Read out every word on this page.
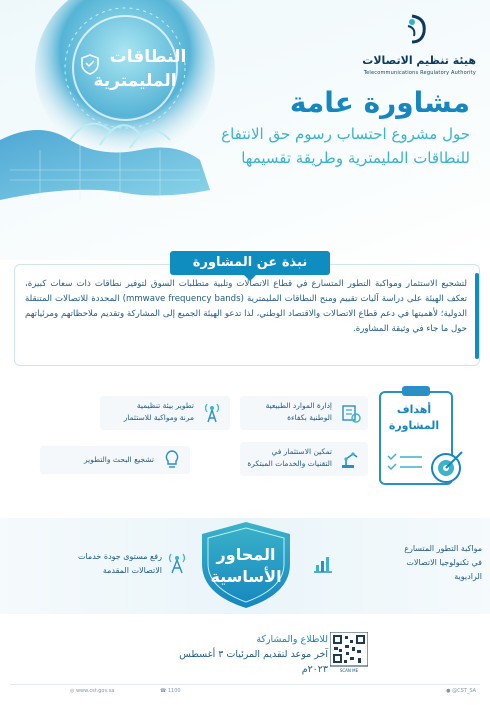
النطاقات
المليمترية
هيئة تنظيم الاتصالات
Telecommunications Regulatory Authority
مشاورة عامة
حول مشروع احتساب رسوم حق الانتفاع للنطاقات المليمترية وطريقة تقسيمها
لتشجيع الاستثمار ومواكبة التطور المتسارع في قطاع الاتصالات وتلبية متطلبات السوق لتوفير نطاقات ذات سعات كبيرة، تعكف الهيئة على دراسة آليات تقييم ومنح النطاقات المليمترية (mmwave frequency bands) المحددة للاتصالات المتنقلة الدولية؛ لأهميتها في دعم قطاع الاتصالات والاقتصاد الوطني، لذا تدعو الهيئة الجميع إلى المشاركة وتقديم ملاحظاتهم ومرئياتهم حول ما جاء في وثيقة المشاورة.
نبذة عن المشاورة
أهداف
المشاورة
إدارة الموارد الطبيعية
الوطنية بكفاءة
تطوير بيئة تنظيمية
مرنة ومواكبة للاستثمار
تمكين الاستثمار في
التقنيات والخدمات المبتكرة
تشجيع البحث والتطوير
المحاور
الأساسية
مواكبة التطور المتسارع
في تكنولوجيا الاتصالات
الراديوية
رفع مستوى جودة خدمات
الاتصالات المقدمة
للاطلاع والمشاركة
آخر موعد لتقديم المرئيات ٣ أغسطس ٢٠٢٣م	SCAN ME
● @CST_SA
☎ 1100
◎ www.cst.gov.sa
